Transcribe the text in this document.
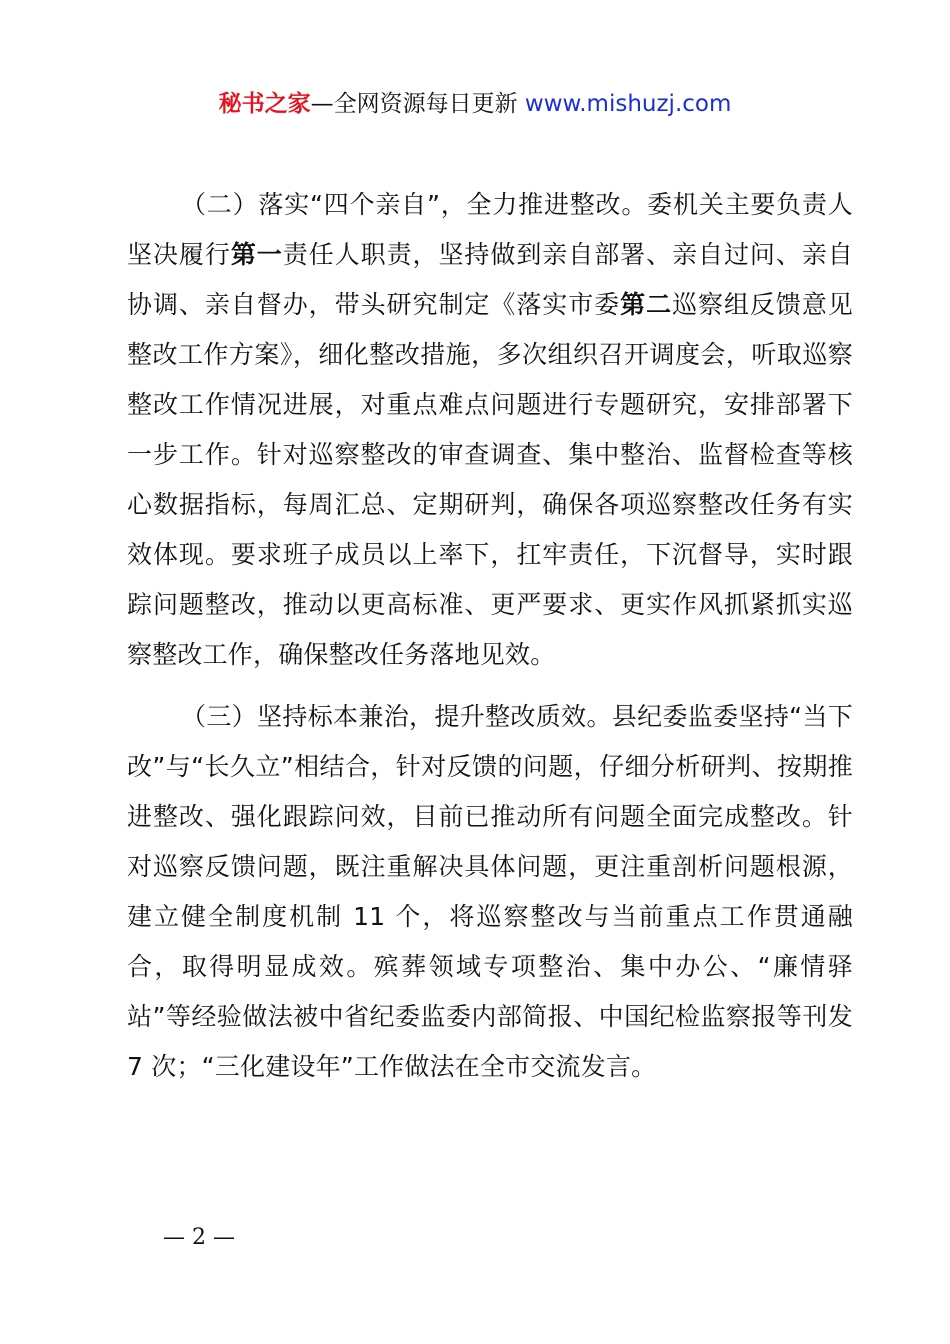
秘书之家—全网资源每日更新 www.mishuzj.com

（二）落实“四个亲自”，全力推进整改。委机关主要负责人坚决履行第一责任人职责，坚持做到亲自部署、亲自过问、亲自协调、亲自督办，带头研究制定《落实市委第二巡察组反馈意见整改工作方案》，细化整改措施，多次组织召开调度会，听取巡察整改工作情况进展，对重点难点问题进行专题研究，安排部署下一步工作。针对巡察整改的审查调查、集中整治、监督检查等核心数据指标，每周汇总、定期研判，确保各项巡察整改任务有实效体现。要求班子成员以上率下，扛牢责任，下沉督导，实时跟踪问题整改，推动以更高标准、更严要求、更实作风抓紧抓实巡察整改工作，确保整改任务落地见效。

（三）坚持标本兼治，提升整改质效。县纪委监委坚持“当下改”与“长久立”相结合，针对反馈的问题，仔细分析研判、按期推进整改、强化跟踪问效，目前已推动所有问题全面完成整改。针对巡察反馈问题，既注重解决具体问题，更注重剖析问题根源，建立健全制度机制 11 个，将巡察整改与当前重点工作贯通融合，取得明显成效。殡葬领域专项整治、集中办公、“廉情驿站”等经验做法被中省纪委监委内部简报、中国纪检监察报等刊发 7 次；“三化建设年”工作做法在全市交流发言。

— 2 —
